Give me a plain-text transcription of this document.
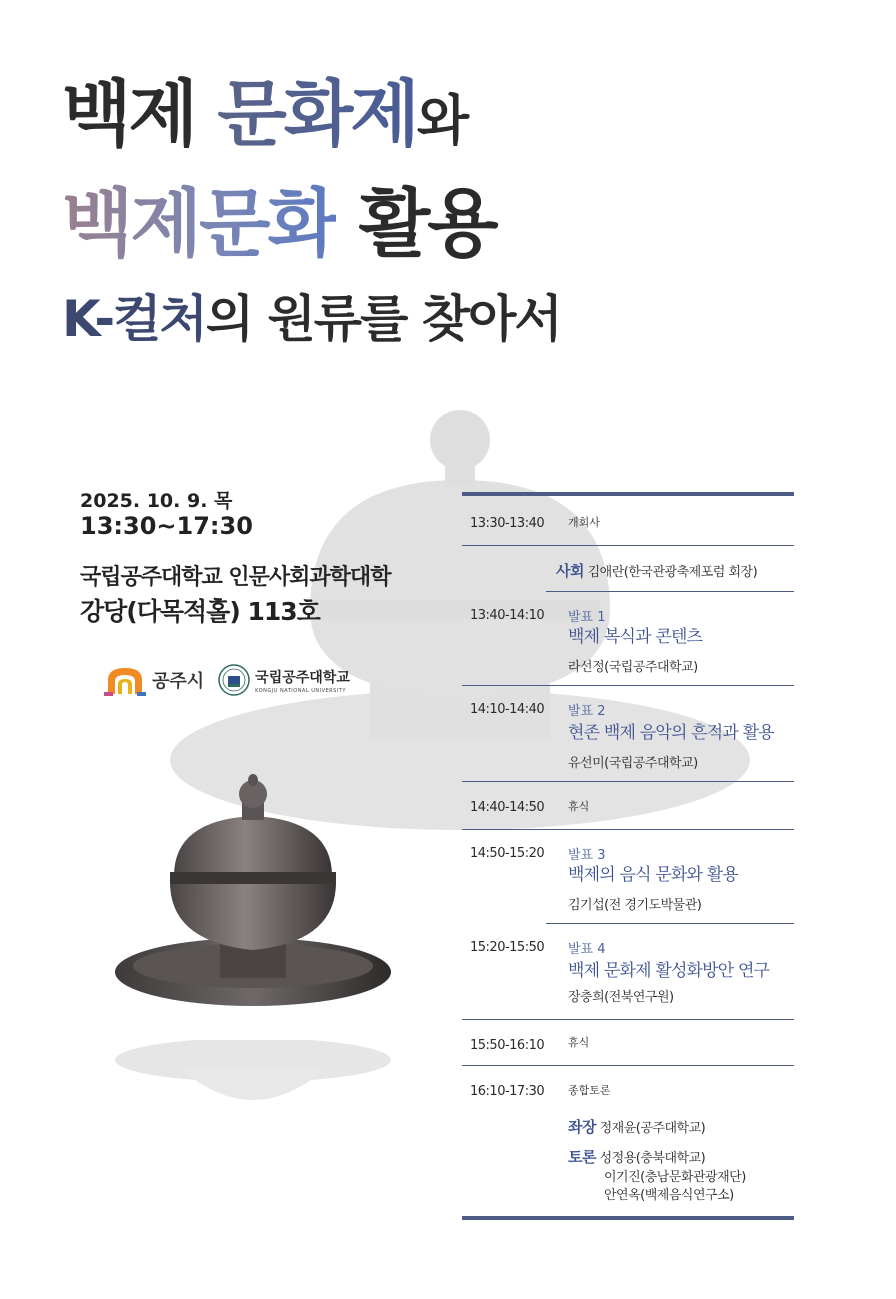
백제 문화제와
백제문화 활용
K-컬처의 원류를 찾아서
2025. 10. 9. 목
13:30~17:30
국립공주대학교 인문사회과학대학
강당(다목적홀) 113호
공주시	국립공주대학교
KONGJU NATIONAL UNIVERSITY
13:30-13:40 개회사
사회 김애란(한국관광축제포럼 회장)
13:40-14:10 발표 1
백제 복식과 콘텐츠
라선정(국립공주대학교)
14:10-14:40 발표 2
현존 백제 음악의 흔적과 활용
유선미(국립공주대학교)
14:40-14:50 휴식
14:50-15:20 발표 3
백제의 음식 문화와 활용
김기섭(전 경기도박물관)
15:20-15:50 발표 4
백제 문화제 활성화방안 연구
장충희(전북연구원)
15:50-16:10 휴식
16:10-17:30 종합토론
좌장 정재윤(공주대학교)
토론 성정용(충북대학교)
이기진(충남문화관광재단)
안연옥(백제음식연구소)
